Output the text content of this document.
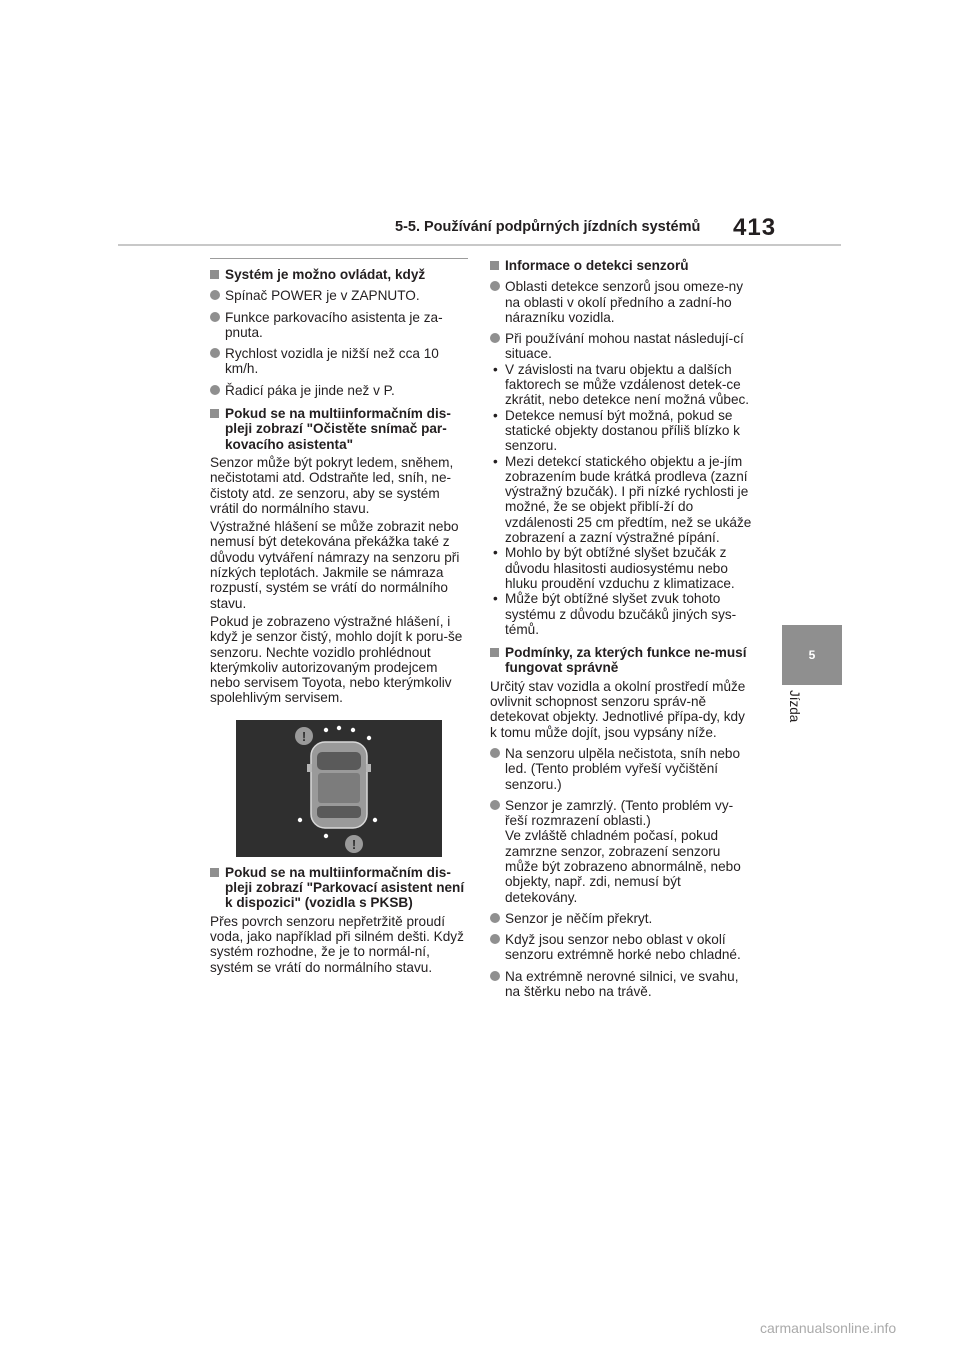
5-5. Používání podpůrných jízdních systémů 413
5
Jízda
Systém je možno ovládat, když
Spínač POWER je v ZAPNUTO.
Funkce parkovacího asistenta je za-pnuta.
Rychlost vozidla je nižší než cca 10 km/h.
Řadicí páka je jinde než v P.
Pokud se na multiinformačním dis-pleji zobrazí "Očistěte snímač par-kovacího asistenta"
Senzor může být pokryt ledem, sněhem, nečistotami atd. Odstraňte led, sníh, ne-čistoty atd. ze senzoru, aby se systém vrátil do normálního stavu.
Výstražné hlášení se může zobrazit nebo nemusí být detekována překážka také z důvodu vytváření námrazy na senzoru při nízkých teplotách. Jakmile se námraza rozpustí, systém se vrátí do normálního stavu.
Pokud je zobrazeno výstražné hlášení, i když je senzor čistý, mohlo dojít k poru-še senzoru. Nechte vozidlo prohlédnout kterýmkoliv autorizovaným prodejcem nebo servisem Toyota, nebo kterýmkoliv spolehlivým servisem.
!
!
Pokud se na multiinformačním dis-pleji zobrazí "Parkovací asistent není k dispozici" (vozidla s PKSB)
Přes povrch senzoru nepřetržitě proudí voda, jako například při silném dešti. Když systém rozhodne, že je to normál-ní, systém se vrátí do normálního stavu.
Informace o detekci senzorů
Oblasti detekce senzorů jsou omeze-ny na oblasti v okolí předního a zadní-ho nárazníku vozidla.
Při používání mohou nastat následují-cí situace.
• V závislosti na tvaru objektu a dalších faktorech se může vzdálenost detek-ce zkrátit, nebo detekce není možná vůbec.
• Detekce nemusí být možná, pokud se statické objekty dostanou příliš blízko k senzoru.
• Mezi detekcí statického objektu a je-jím zobrazením bude krátká prodleva (zazní výstražný bzučák). I při nízké rychlosti je možné, že se objekt přiblí-ží do vzdálenosti 25 cm předtím, než se ukáže zobrazení a zazní výstražné pípání.
• Mohlo by být obtížné slyšet bzučák z důvodu hlasitosti audiosystému nebo hluku proudění vzduchu z klimatizace.
• Může být obtížné slyšet zvuk tohoto systému z důvodu bzučáků jiných sys-témů.
Podmínky, za kterých funkce ne-musí fungovat správně
Určitý stav vozidla a okolní prostředí může ovlivnit schopnost senzoru správ-ně detekovat objekty. Jednotlivé přípa-dy, kdy k tomu může dojít, jsou vypsány níže.
Na senzoru ulpěla nečistota, sníh nebo led. (Tento problém vyřeší vyčištění senzoru.)
Senzor je zamrzlý. (Tento problém vy-řeší rozmrazení oblasti.)
Ve zvláště chladném počasí, pokud zamrzne senzor, zobrazení senzoru může být zobrazeno abnormálně, nebo objekty, např. zdi, nemusí být detekovány.
Senzor je něčím překryt.
Když jsou senzor nebo oblast v okolí senzoru extrémně horké nebo chladné.
Na extrémně nerovné silnici, ve svahu, na štěrku nebo na trávě.
carmanualsonline.info
